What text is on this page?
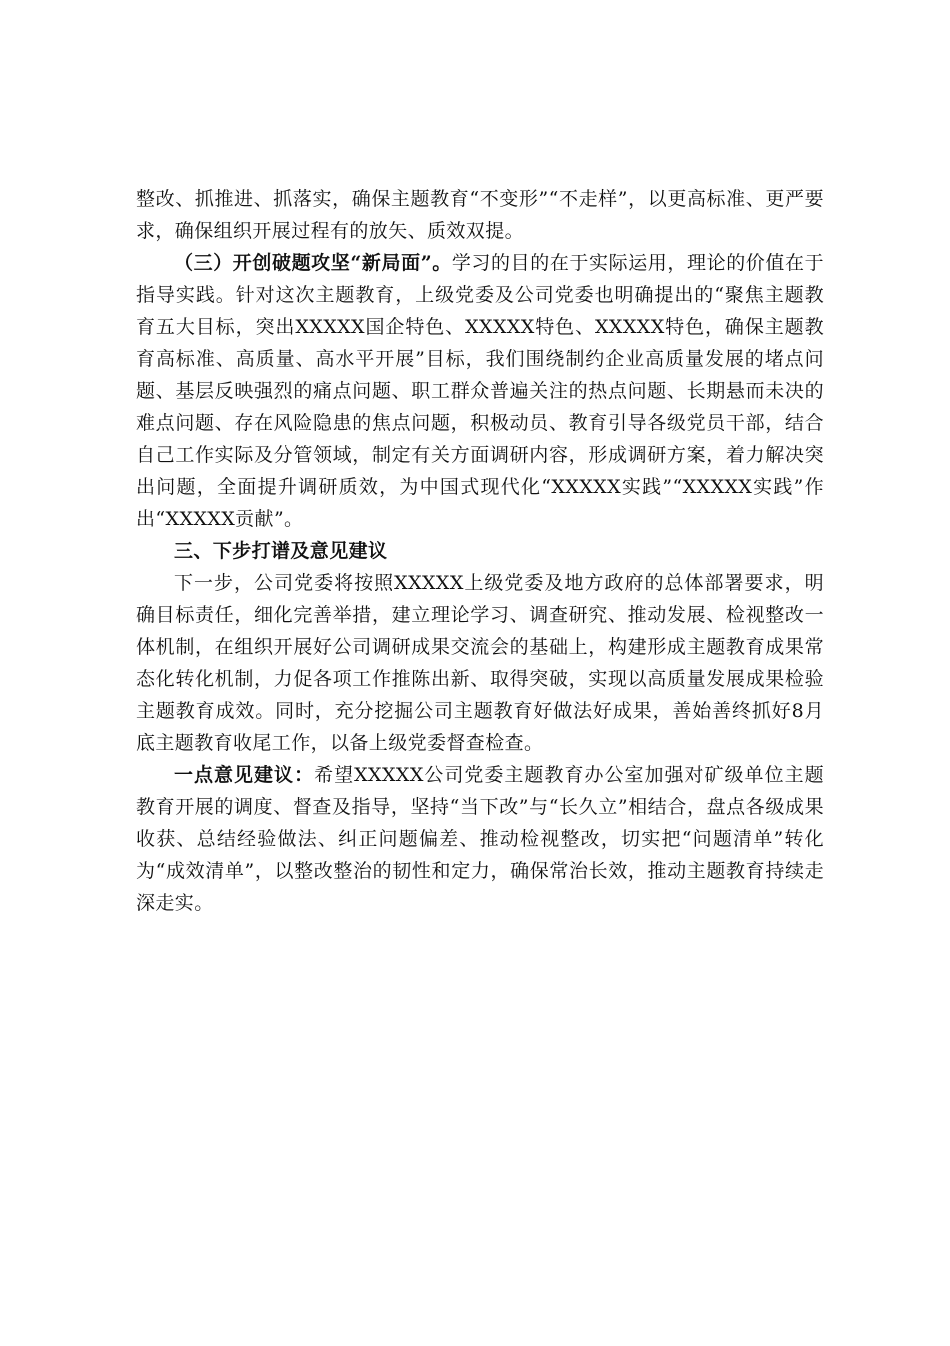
整改、抓推进、抓落实，确保主题教育“不变形”“不走样”，以更高标准、更严要求，确保组织开展过程有的放矢、质效双提。

（三）开创破题攻坚“新局面”。学习的目的在于实际运用，理论的价值在于指导实践。针对这次主题教育，上级党委及公司党委也明确提出的“聚焦主题教育五大目标，突出XXXXX国企特色、XXXXX特色、XXXXX特色，确保主题教育高标准、高质量、高水平开展”目标，我们围绕制约企业高质量发展的堵点问题、基层反映强烈的痛点问题、职工群众普遍关注的热点问题、长期悬而未决的难点问题、存在风险隐患的焦点问题，积极动员、教育引导各级党员干部，结合自己工作实际及分管领域，制定有关方面调研内容，形成调研方案，着力解决突出问题，全面提升调研质效，为中国式现代化“XXXXX实践”“XXXXX实践”作出“XXXXX贡献”。

三、下步打谱及意见建议

下一步，公司党委将按照XXXXX上级党委及地方政府的总体部署要求，明确目标责任，细化完善举措，建立理论学习、调查研究、推动发展、检视整改一体机制，在组织开展好公司调研成果交流会的基础上，构建形成主题教育成果常态化转化机制，力促各项工作推陈出新、取得突破，实现以高质量发展成果检验主题教育成效。同时，充分挖掘公司主题教育好做法好成果，善始善终抓好8月底主题教育收尾工作，以备上级党委督查检查。

一点意见建议：希望XXXXX公司党委主题教育办公室加强对矿级单位主题教育开展的调度、督查及指导，坚持“当下改”与“长久立”相结合，盘点各级成果收获、总结经验做法、纠正问题偏差、推动检视整改，切实把“问题清单”转化为“成效清单”，以整改整治的韧性和定力，确保常治长效，推动主题教育持续走深走实。
